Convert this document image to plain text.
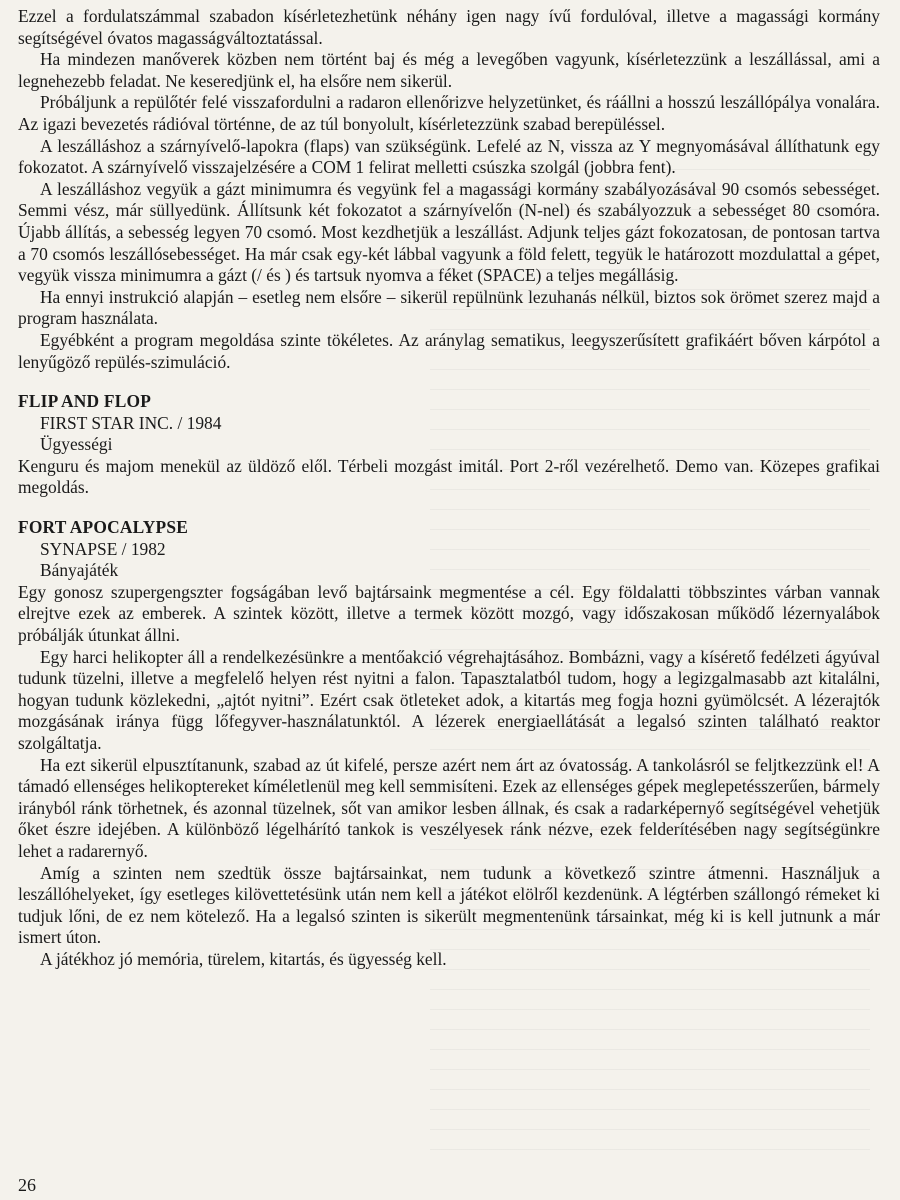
Ezzel a fordulatszámmal szabadon kísérletezhetünk néhány igen nagy ívű fordulóval, illetve a magassági kormány segítségével óvatos magasságváltoztatással.

Ha mindezen manőverek közben nem történt baj és még a levegőben vagyunk, kísérletezzünk a leszállással, ami a legnehezebb feladat. Ne keseredjünk el, ha elsőre nem sikerül.

Próbáljunk a repülőtér felé visszafordulni a radaron ellenőrizve helyzetünket, és ráállni a hosszú leszállópálya vonalára. Az igazi bevezetés rádióval történne, de az túl bonyolult, kísérletezzünk szabad berepüléssel.

A leszálláshoz a szárnyívelő-lapokra (flaps) van szükségünk. Lefelé az N, vissza az Y megnyomásával állíthatunk egy fokozatot. A szárnyívelő visszajelzésére a COM 1 felirat melletti csúszka szolgál (jobbra fent).

A leszálláshoz vegyük a gázt minimumra és vegyünk fel a magassági kormány szabályozásával 90 csomós sebességet. Semmi vész, már süllyedünk. Állítsunk két fokozatot a szárnyívelőn (N-nel) és szabályozzuk a sebességet 80 csomóra. Újabb állítás, a sebesség legyen 70 csomó. Most kezdhetjük a leszállást. Adjunk teljes gázt fokozatosan, de pontosan tartva a 70 csomós leszállósebességet. Ha már csak egy-két lábbal vagyunk a föld felett, tegyük le határozott mozdulattal a gépet, vegyük vissza minimumra a gázt (/ és ) és tartsuk nyomva a féket (SPACE) a teljes megállásig.

Ha ennyi instrukció alapján – esetleg nem elsőre – sikerül repülnünk lezuhanás nélkül, biztos sok örömet szerez majd a program használata.

Egyébként a program megoldása szinte tökéletes. Az aránylag sematikus, leegyszerűsített grafikáért bőven kárpótol a lenyűgöző repülés-szimuláció.

FLIP AND FLOP

FIRST STAR INC. / 1984

Ügyességi

Kenguru és majom menekül az üldöző elől. Térbeli mozgást imitál. Port 2-ről vezérelhető. Demo van. Közepes grafikai megoldás.

FORT APOCALYPSE

SYNAPSE / 1982

Bányajáték

Egy gonosz szupergengszter fogságában levő bajtársaink megmentése a cél. Egy földalatti többszintes várban vannak elrejtve ezek az emberek. A szintek között, illetve a termek között mozgó, vagy időszakosan működő lézernyalábok próbálják útunkat állni.

Egy harci helikopter áll a rendelkezésünkre a mentőakció végrehajtásához. Bombázni, vagy a kísérető fedélzeti ágyúval tudunk tüzelni, illetve a megfelelő helyen rést nyitni a falon. Tapasztalatból tudom, hogy a legizgalmasabb azt kitalálni, hogyan tudunk közlekedni, „ajtót nyitni”. Ezért csak ötleteket adok, a kitartás meg fogja hozni gyümölcsét. A lézerajtók mozgásának iránya függ lőfegyver-használatunktól. A lézerek energiaellátását a legalsó szinten található reaktor szolgáltatja.

Ha ezt sikerül elpusztítanunk, szabad az út kifelé, persze azért nem árt az óvatosság. A tankolásról se feljtkezzünk el! A támadó ellenséges helikoptereket kíméletlenül meg kell semmisíteni. Ezek az ellenséges gépek meglepetésszerűen, bármely irányból ránk törhetnek, és azonnal tüzelnek, sőt van amikor lesben állnak, és csak a radarképernyő segítségével vehetjük őket észre idejében. A különböző légelhárító tankok is veszélyesek ránk nézve, ezek felderítésében nagy segítségünkre lehet a radarernyő.

Amíg a szinten nem szedtük össze bajtársainkat, nem tudunk a következő szintre átmenni. Használjuk a leszállóhelyeket, így esetleges kilövettetésünk után nem kell a játékot elölről kezdenünk. A légtérben szállongó rémeket ki tudjuk lőni, de ez nem kötelező. Ha a legalsó szinten is sikerült megmentenünk társainkat, még ki is kell jutnunk a már ismert úton.

A játékhoz jó memória, türelem, kitartás, és ügyesség kell.

26
